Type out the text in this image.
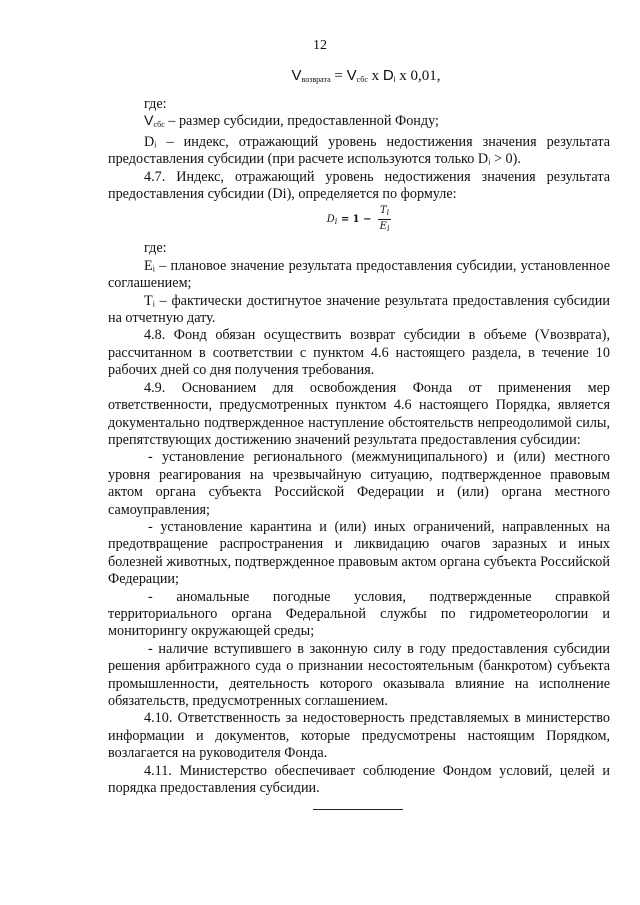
12
$V_{возврата} = V_{сбс}$ x $D_i$ x 0,01,

где:

$V_{сбс}$ – размер субсидии, предоставленной Фонду;

Dᵢ – индекс, отражающий уровень недостижения значения результата предоставления субсидии (при расчете используются только Dᵢ > 0).

4.7. Индекс, отражающий уровень недостижения значения результата предоставления субсидии (Di), определяется по формуле:

$D_i = 1 - \frac{T_i}{E_i}$

где:

Eᵢ – плановое значение результата предоставления субсидии, установленное соглашением;

Tᵢ – фактически достигнутое значение результата предоставления субсидии на отчетную дату.

4.8. Фонд обязан осуществить возврат субсидии в объеме (Vвозврата), рассчитанном в соответствии с пунктом 4.6 настоящего раздела, в течение 10 рабочих дней со дня получения требования.

4.9. Основанием для освобождения Фонда от применения мер ответственности, предусмотренных пунктом 4.6 настоящего Порядка, является документально подтвержденное наступление обстоятельств непреодолимой силы, препятствующих достижению значений результата предоставления субсидии:

- установление регионального (межмуниципального) и (или) местного уровня реагирования на чрезвычайную ситуацию, подтвержденное правовым актом органа субъекта Российской Федерации и (или) органа местного самоуправления;

- установление карантина и (или) иных ограничений, направленных на предотвращение распространения и ликвидацию очагов заразных и иных болезней животных, подтвержденное правовым актом органа субъекта Российской Федерации;

- аномальные погодные условия, подтвержденные справкой территориального органа Федеральной службы по гидрометеорологии и мониторингу окружающей среды;

- наличие вступившего в законную силу в году предоставления субсидии решения арбитражного суда о признании несостоятельным (банкротом) субъекта промышленности, деятельность которого оказывала влияние на исполнение обязательств, предусмотренных соглашением.

4.10. Ответственность за недостоверность представляемых в министерство информации и документов, которые предусмотрены настоящим Порядком, возлагается на руководителя Фонда.

4.11. Министерство обеспечивает соблюдение Фондом условий, целей и порядка предоставления субсидии.
